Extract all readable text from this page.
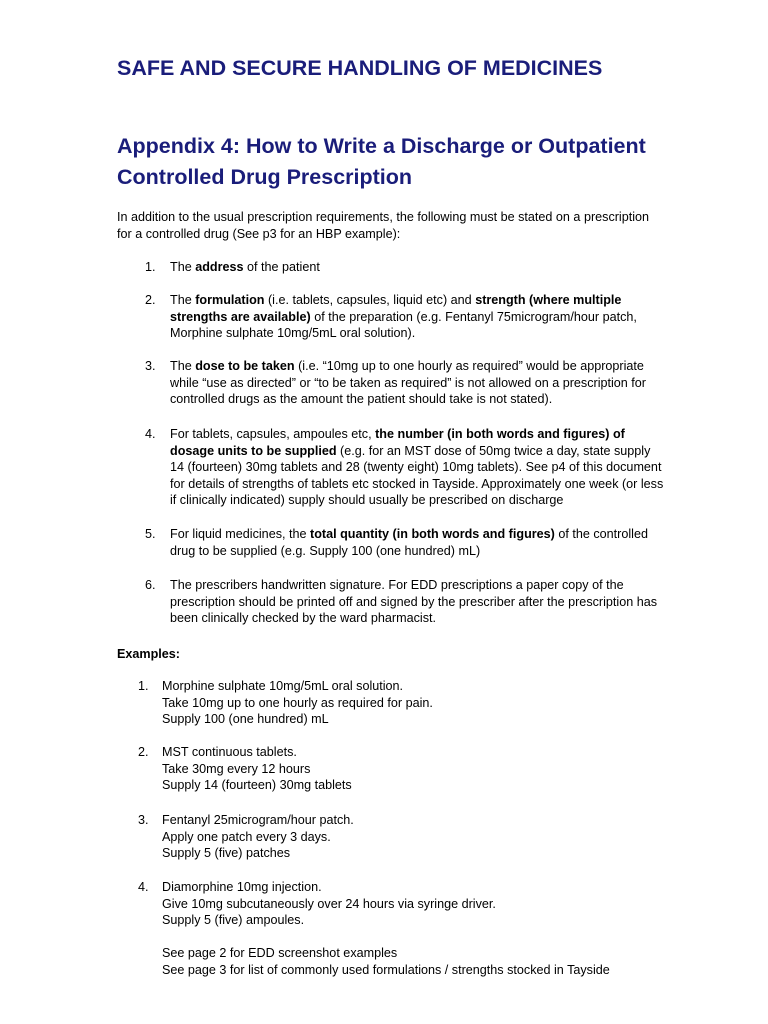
SAFE AND SECURE HANDLING OF MEDICINES
Appendix 4: How to Write a Discharge or Outpatient Controlled Drug Prescription

In addition to the usual prescription requirements, the following must be stated on a prescription for a controlled drug (See p3 for an HBP example):

1.	The address of the patient
2.	The formulation (i.e. tablets, capsules, liquid etc) and strength (where multiple strengths are available) of the preparation (e.g. Fentanyl 75microgram/hour patch, Morphine sulphate 10mg/5mL oral solution).
3.	The dose to be taken (i.e. “10mg up to one hourly as required” would be appropriate while “use as directed” or “to be taken as required” is not allowed on a prescription for controlled drugs as the amount the patient should take is not stated).
4.	For tablets, capsules, ampoules etc, the number (in both words and figures) of dosage units to be supplied (e.g. for an MST dose of 50mg twice a day, state supply 14 (fourteen) 30mg tablets and 28 (twenty eight) 10mg tablets). See p4 of this document for details of strengths of tablets etc stocked in Tayside. Approximately one week (or less if clinically indicated) supply should usually be prescribed on discharge
5.	For liquid medicines, the total quantity (in both words and figures) of the controlled drug to be supplied (e.g. Supply 100 (one hundred) mL)
6.	The prescribers handwritten signature. For EDD prescriptions a paper copy of the prescription should be printed off and signed by the prescriber after the prescription has been clinically checked by the ward pharmacist.

Examples:

1.	Morphine sulphate 10mg/5mL oral solution.
Take 10mg up to one hourly as required for pain.
Supply 100 (one hundred) mL
2.	MST continuous tablets.
Take 30mg every 12 hours
Supply 14 (fourteen) 30mg tablets
3.	Fentanyl 25microgram/hour patch.
Apply one patch every 3 days.
Supply 5 (five) patches
4.	Diamorphine 10mg injection.
Give 10mg subcutaneously over 24 hours via syringe driver.
Supply 5 (five) ampoules.
See page 2 for EDD screenshot examples
See page 3 for list of commonly used formulations / strengths stocked in Tayside
